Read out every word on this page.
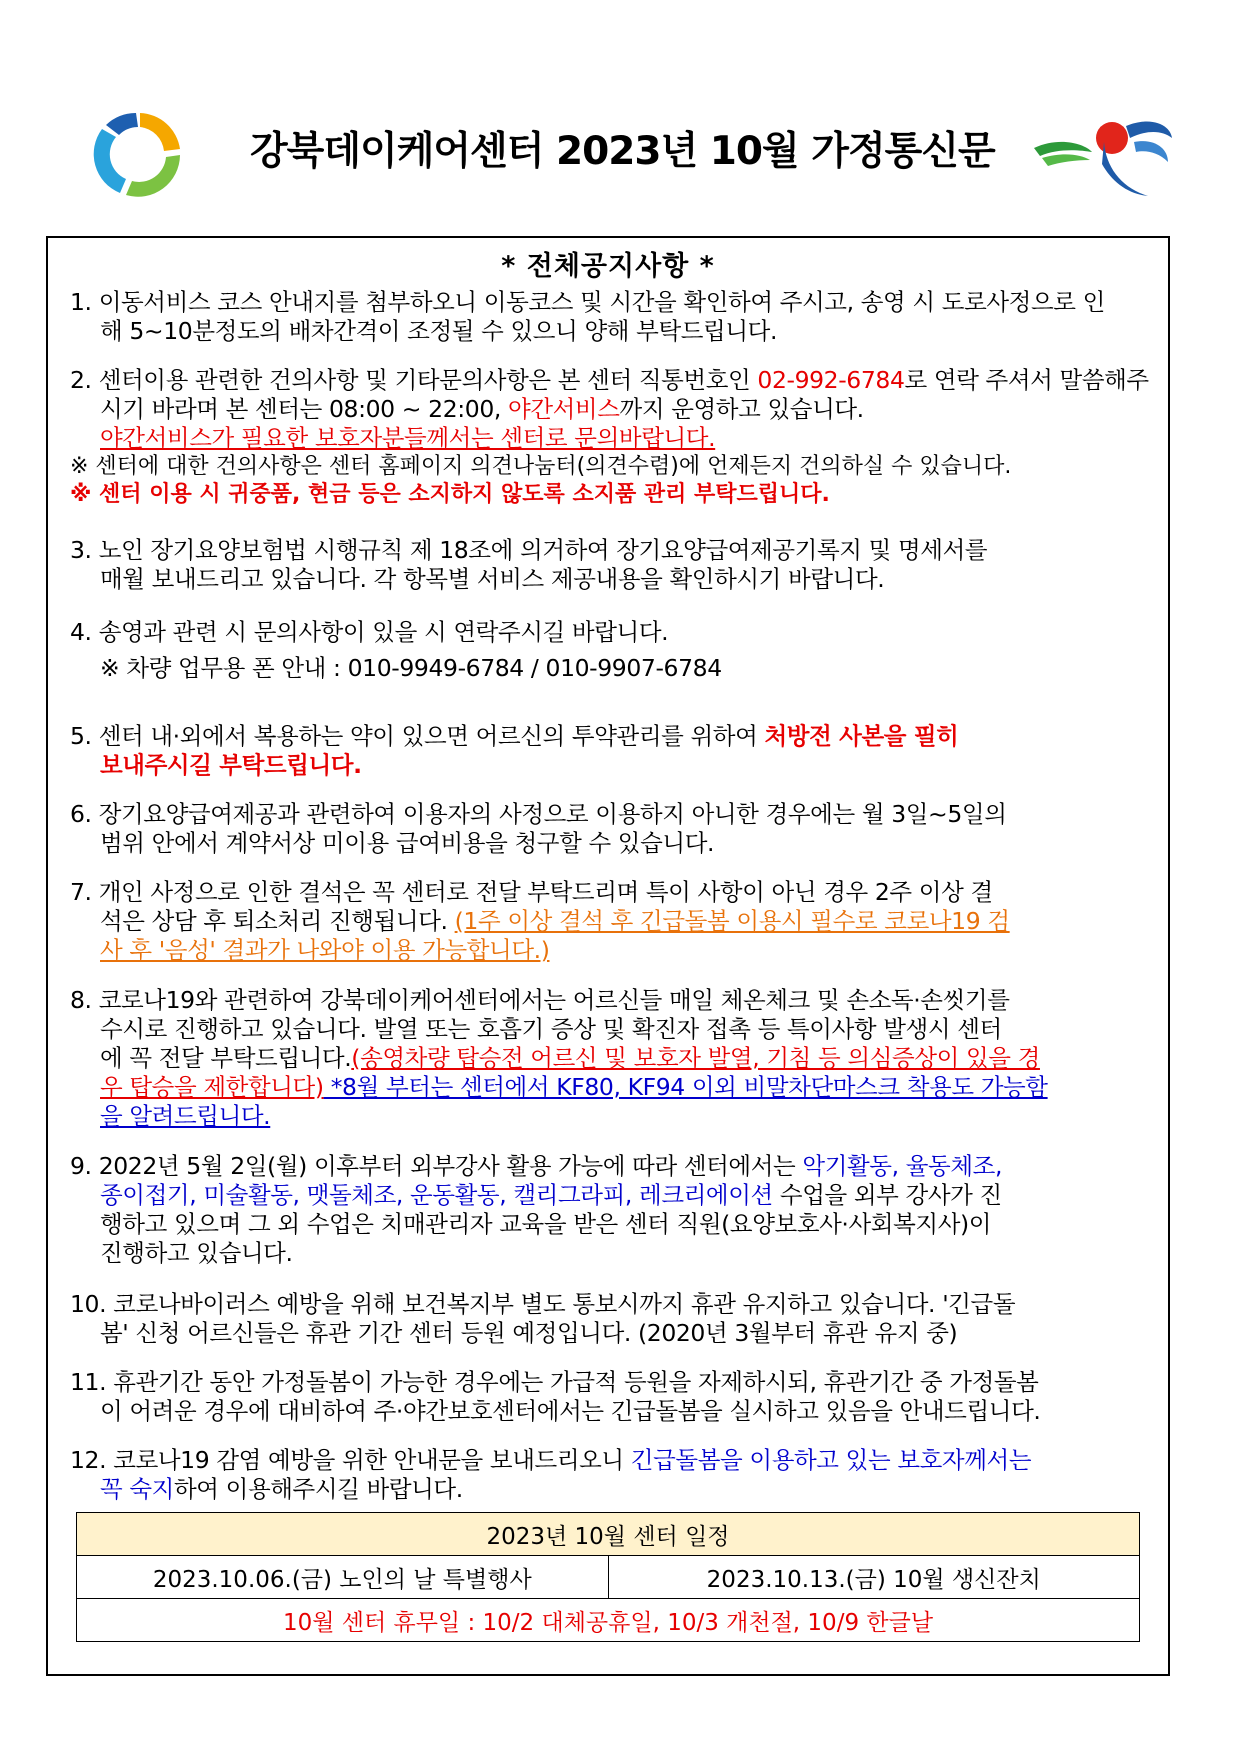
강북데이케어센터 2023년 10월 가정통신문
* 전체공지사항 *
1. 이동서비스 코스 안내지를 첨부하오니 이동코스 및 시간을 확인하여 주시고, 송영 시 도로사정으로 인
해 5~10분정도의 배차간격이 조정될 수 있으니 양해 부탁드립니다.
2. 센터이용 관련한 건의사항 및 기타문의사항은 본 센터 직통번호인 02-992-6784로 연락 주셔서 말씀해주
시기 바라며 본 센터는 08:00 ~ 22:00, 야간서비스까지 운영하고 있습니다.
야간서비스가 필요한 보호자분들께서는 센터로 문의바랍니다.
※ 센터에 대한 건의사항은 센터 홈페이지 의견나눔터(의견수렴)에 언제든지 건의하실 수 있습니다.
※ 센터 이용 시 귀중품, 현금 등은 소지하지 않도록 소지품 관리 부탁드립니다.
3. 노인 장기요양보험법 시행규칙 제 18조에 의거하여 장기요양급여제공기록지 및 명세서를
매월 보내드리고 있습니다. 각 항목별 서비스 제공내용을 확인하시기 바랍니다.
4. 송영과 관련 시 문의사항이 있을 시 연락주시길 바랍니다.
※ 차량 업무용 폰 안내 : 010-9949-6784 / 010-9907-6784
5. 센터 내·외에서 복용하는 약이 있으면 어르신의 투약관리를 위하여 처방전 사본을 필히
보내주시길 부탁드립니다.
6. 장기요양급여제공과 관련하여 이용자의 사정으로 이용하지 아니한 경우에는 월 3일~5일의
범위 안에서 계약서상 미이용 급여비용을 청구할 수 있습니다.
7. 개인 사정으로 인한 결석은 꼭 센터로 전달 부탁드리며 특이 사항이 아닌 경우 2주 이상 결
석은 상담 후 퇴소처리 진행됩니다. (1주 이상 결석 후 긴급돌봄 이용시 필수로 코로나19 검
사 후 '음성' 결과가 나와야 이용 가능합니다.)
8. 코로나19와 관련하여 강북데이케어센터에서는 어르신들 매일 체온체크 및 손소독·손씻기를
수시로 진행하고 있습니다. 발열 또는 호흡기 증상 및 확진자 접촉 등 특이사항 발생시 센터
에 꼭 전달 부탁드립니다.(송영차량 탑승전 어르신 및 보호자 발열, 기침 등 의심증상이 있을 경
우 탑승을 제한합니다) *8월 부터는 센터에서 KF80, KF94 이외 비말차단마스크 착용도 가능함
을 알려드립니다.
9. 2022년 5월 2일(월) 이후부터 외부강사 활용 가능에 따라 센터에서는 악기활동, 율동체조,
종이접기, 미술활동, 맷돌체조, 운동활동, 캘리그라피, 레크리에이션 수업을 외부 강사가 진
행하고 있으며 그 외 수업은 치매관리자 교육을 받은 센터 직원(요양보호사·사회복지사)이
진행하고 있습니다.
10. 코로나바이러스 예방을 위해 보건복지부 별도 통보시까지 휴관 유지하고 있습니다. '긴급돌
봄' 신청 어르신들은 휴관 기간 센터 등원 예정입니다. (2020년 3월부터 휴관 유지 중)
11. 휴관기간 동안 가정돌봄이 가능한 경우에는 가급적 등원을 자제하시되, 휴관기간 중 가정돌봄
이 어려운 경우에 대비하여 주·야간보호센터에서는 긴급돌봄을 실시하고 있음을 안내드립니다.
12. 코로나19 감염 예방을 위한 안내문을 보내드리오니 긴급돌봄을 이용하고 있는 보호자께서는
꼭 숙지하여 이용해주시길 바랍니다.
2023년 10월 센터 일정
2023.10.06.(금) 노인의 날 특별행사	2023.10.13.(금) 10월 생신잔치
10월 센터 휴무일 : 10/2 대체공휴일, 10/3 개천절, 10/9 한글날
